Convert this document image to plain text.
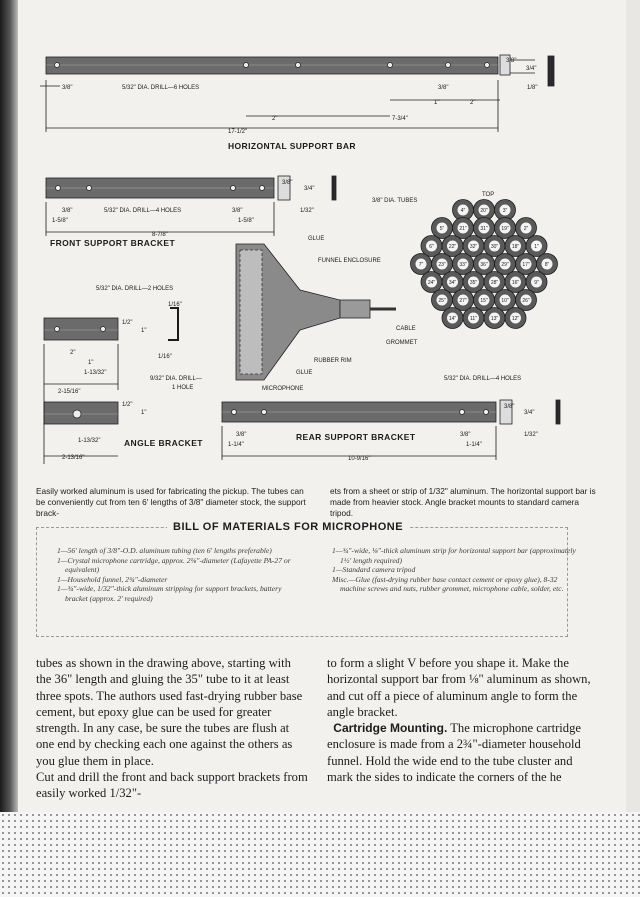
4"	20"	3"
5"	21"	31"	19"	2"
6"	22"	32"	30"	18"	1"
7"	23"	33"	36"	29"	17"	8"
24"	34"	35"	28"	16"	9"
25"	27"	15"	10"	26"
14"	11"	13"	12"
3/8"	5/32" DIA. DRILL—6 HOLES
2"	7-3/4"
17-1/2"
3/8"
1"	2"
3/8"
3/4"
1/8"
HORIZONTAL SUPPORT BAR
3/8"
1-5/8"
5/32" DIA. DRILL—4 HOLES	3/8"
1-5/8"
8-7/8"
3/8"
3/4"
1/32"
FRONT SUPPORT BRACKET
3/8" DIA. TUBES
TOP
GLUE
FUNNEL ENCLOSURE
CABLE
GROMMET
RUBBER RIM
GLUE
MICROPHONE
5/32" DIA. DRILL—2 HOLES
1/16"
1/2"
1"
2"
1"
1-13/32"
2-15/16"
1/16"
9/32" DIA. DRILL—
1 HOLE
1/2"
1"
1-13/32"
2-13/16"
ANGLE BRACKET
5/32" DIA. DRILL—4 HOLES
3/8"
1-1/4"
3/8"
1-1/4"
10-9/16"
3/8"
3/4"
1/32"
REAR SUPPORT BRACKET
Easily worked aluminum is used for fabricating the pickup. The tubes can be conveniently cut from ten 6' lengths of 3/8" diameter stock, the support brack-
ets from a sheet or strip of 1/32" aluminum. The horizontal support bar is made from heavier stock. Angle bracket mounts to standard camera tripod.
BILL OF MATERIALS FOR MICROPHONE
1—56' length of 3/8"-O.D. aluminum tubing (ten 6' lengths preferable)
1—Crystal microphone cartridge, approx. 2⅛"-diameter (Lafayette PA-27 or equivalent)
1—Household funnel, 2¾"-diameter
1—¾"-wide, 1/32"-thick aluminum stripping for support brackets, battery bracket (approx. 2' required)
1—¾"-wide, ⅛"-thick aluminum strip for horizontal support bar (approximately 1½' length required)
1—Standard camera tripod
Misc.—Glue (fast-drying rubber base contact cement or epoxy glue), 8-32 machine screws and nuts, rubber grommet, microphone cable, solder, etc.
tubes as shown in the drawing above, starting with the 36" length and gluing the 35" tube to it at least three spots. The authors used fast-drying rubber base cement, but epoxy glue can be used for greater strength. In any case, be sure the tubes are flush at one end by checking each one against the others as you glue them in place.
Cut and drill the front and back support brackets from easily worked 1/32"-
to form a slight V before you shape it. Make the horizontal support bar from ⅛" aluminum as shown, and cut off a piece of aluminum angle to form the angle bracket.
Cartridge Mounting. The microphone cartridge enclosure is made from a 2¾"-diameter household funnel. Hold the wide end to the tube cluster and mark the sides to indicate the corners of the he
